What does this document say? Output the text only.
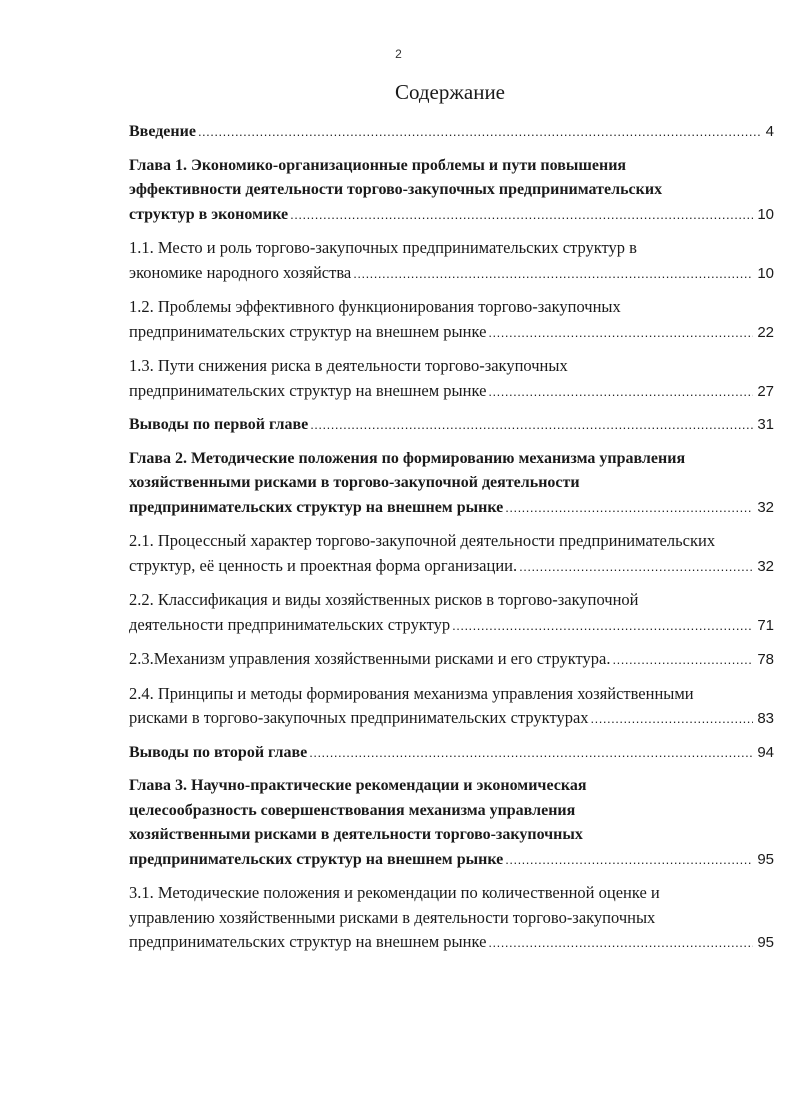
2
Содержание
Введение .....	4
Глава 1. Экономико-организационные проблемы и пути повышения
эффективности деятельности торгово-закупочных предпринимательских
структур в экономике .....	10
1.1. Место и роль торгово-закупочных предпринимательских структур в
экономике народного хозяйства .....	10
1.2. Проблемы эффективного функционирования торгово-закупочных
предпринимательских структур на внешнем рынке .....	22
1.3. Пути снижения риска в деятельности торгово-закупочных
предпринимательских структур на внешнем рынке .....	27
Выводы по первой главе .....	31
Глава 2. Методические положения по формированию механизма управления
хозяйственными рисками в торгово-закупочной деятельности
предпринимательских структур на внешнем рынке .....	32
2.1. Процессный характер торгово-закупочной деятельности предпринимательских
структур, её ценность и проектная форма организации. .....	32
2.2. Классификация и виды хозяйственных рисков в торгово-закупочной
деятельности предпринимательских структур .....	71
2.3.Механизм управления хозяйственными рисками и его структура. .....	78
2.4. Принципы и методы формирования механизма управления хозяйственными
рисками в торгово-закупочных предпринимательских структурах .....	83
Выводы по второй главе .....	94
Глава 3. Научно-практические рекомендации и экономическая
целесообразность совершенствования механизма управления
хозяйственными рисками в деятельности торгово-закупочных
предпринимательских структур на внешнем рынке .....	95
3.1. Методические положения и рекомендации по количественной оценке и
управлению хозяйственными рисками в деятельности торгово-закупочных
предпринимательских структур на внешнем рынке .....	95
